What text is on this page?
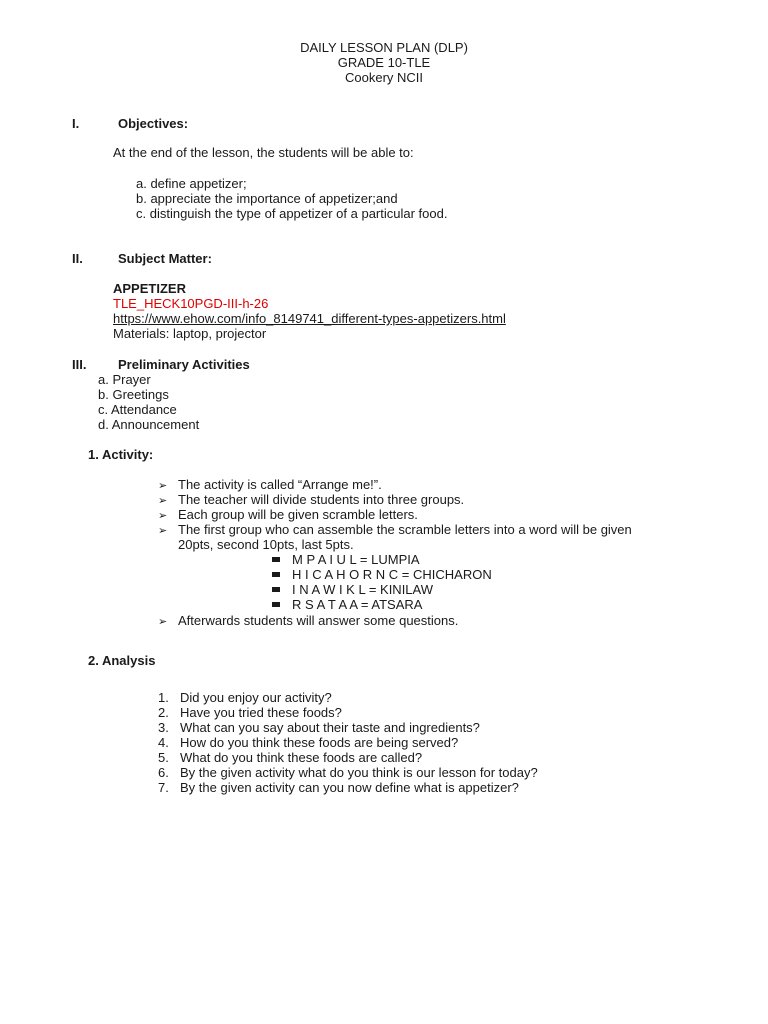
DAILY LESSON PLAN (DLP)
GRADE 10-TLE
Cookery NCII
I.	Objectives:
At the end of the lesson, the students will be able to:
a. define appetizer;
b. appreciate the importance of appetizer;and
c. distinguish the type of appetizer of a particular food.
II.	Subject Matter:
APPETIZER
TLE_HECK10PGD-III-h-26
https://www.ehow.com/info_8149741_different-types-appetizers.html
Materials: laptop, projector
III. Preliminary Activities
a. Prayer
b. Greetings
c. Attendance
d. Announcement
1. Activity:
➢ The activity is called “Arrange me!”.
➢ The teacher will divide students into three groups.
➢ Each group will be given scramble letters.
➢ The first group who can assemble the scramble letters into a word will be given
20pts, second 10pts, last 5pts.
M P A I U L = LUMPIA
H I C A H O R N C = CHICHARON
I N A W I K L = KINILAW
R S A T A A = ATSARA
➢ Afterwards students will answer some questions.
2. Analysis
1. Did you enjoy our activity?
2. Have you tried these foods?
3. What can you say about their taste and ingredients?
4. How do you think these foods are being served?
5. What do you think these foods are called?
6. By the given activity what do you think is our lesson for today?
7. By the given activity can you now define what is appetizer?
